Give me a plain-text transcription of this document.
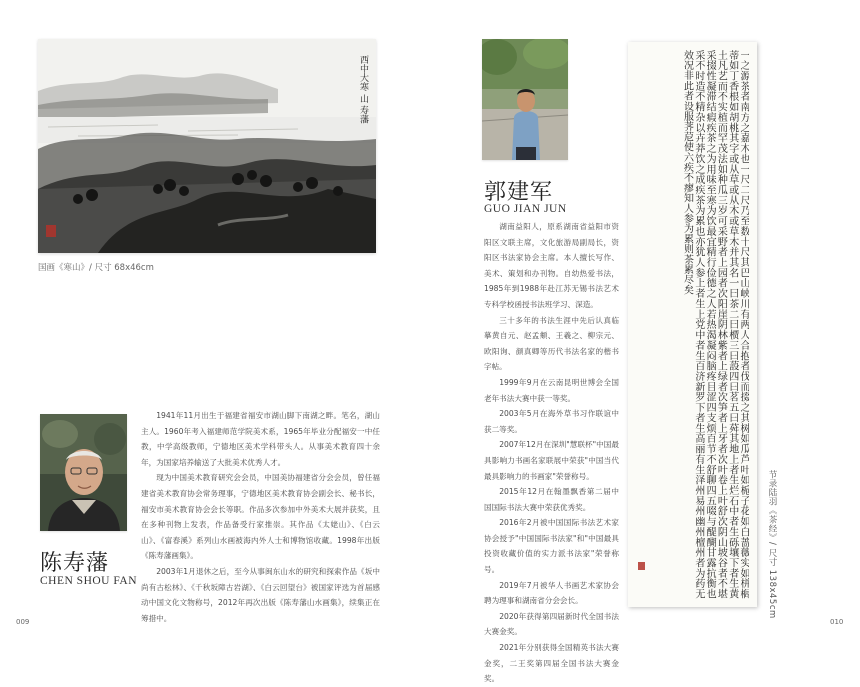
西中大寒 山 寿藩
国画《寒山》/ 尺寸 68x46cm
陈寿藩
CHEN SHOU FAN

1941年11月出生于福建省福安市湖山脚下南湖之畔。笔名，湖山主人。1960年考入福建师范学院美术系，1965年毕业分配福安一中任教，中学高级教师，宁德地区美术学科带头人。从事美术教育四十余年，为国家培养输送了大批美术优秀人才。

现为中国美术教育研究会会员，中国美协福建省分会会员，曾任福建省美术教育协会常务理事，宁德地区美术教育协会副会长、秘书长，福安市美术教育协会会长等职。作品多次参加中外美术大展并获奖，且在多种刊物上发表，作品备受行家推崇。其作品《太姥山》、《白云山》、《富春溪》系列山水画被海内外人士和博物馆收藏。1998年出版《陈寿藩画集》。

2003年1月退休之后，至今从事闽东山水的研究和探索作品《坂中尚有古松林》、《千秋坂障古岩湖》、《白云回望台》被国家评选为首届感动中国文化文物称号，2012年再次出版《陈寿藩山水画集》，续集正在筹措中。

009
郭建军
GUO JIAN JUN

湖南益阳人，原系湖南省益阳市资阳区文联主席，文化旅游局副局长，资阳区书法家协会主席。本人擅长写作、美术、策划和办刊物。自幼热爱书法，1985年到1988年赴江苏无锡书法艺术专科学校函授书法班学习、深造。

三十多年的书法生涯中先后认真临摹黄自元、赵孟頫、王羲之、柳宗元、欧阳询、颜真卿等历代书法名家的楷书字帖。

1999年9月在云南昆明世博会全国老年书法大赛中获一等奖。

2003年5月在海外草书习作联谊中获二等奖。

2007年12月在深圳"慧联杯"中国最具影响力书画名家联展中荣获"中国当代最具影响力的书画家"荣誉称号。

2015年12月在翰墨飘香第二届中国国际书法大赛中荣获优秀奖。

2016年2月被中国国际书法艺术家协会授予"中国国际书法家"和"中国最具投资收藏价值的实力派书法家"荣誉称号。

2019年7月被华人书画艺术家协会聘为理事和湖南省分会会长。

2020年获得第四届新时代全国书法大赛金奖。

2021年分别获得全国精英书法大赛金奖，二王奖第四届全国书法大赛金奖。

一之源茶者南方之嘉木也一尺二尺乃至数十尺其巴山峡川有两人合抱者伐而掇之其树如瓜芦叶如栀子花如白蔷薇实如栟榈蒂如丁香根如胡桃其字或从草或从木或草木并其名一曰茶二曰槚三曰蔎四曰茗五曰荈其地上者生烂石中者生砾壤下者生黄土凡艺而不实植而罕茂法如种瓜三岁可采野者上园者次阳崖阴林紫者上绿者次笋者上牙者次叶卷上叶舒次阴山坡谷者不堪采掇性凝滞结瘕疾茶之为用味至寒为饮最宜精行俭德之人若热渴凝闷脑疼目涩四支烦百节不舒聊四五啜与醍醐甘露抗衡也采不时造不精杂以卉莽饮之成疾茶为累也亦犹人参上者生上党中者生百济新罗下者生高丽有生泽州易州幽州檀州者为药无效况非此者设服荠苨使六疾不瘳知人参为累则茶累尽矣
节录陆羽《茶经》/ 尺寸 138x45cm
010
